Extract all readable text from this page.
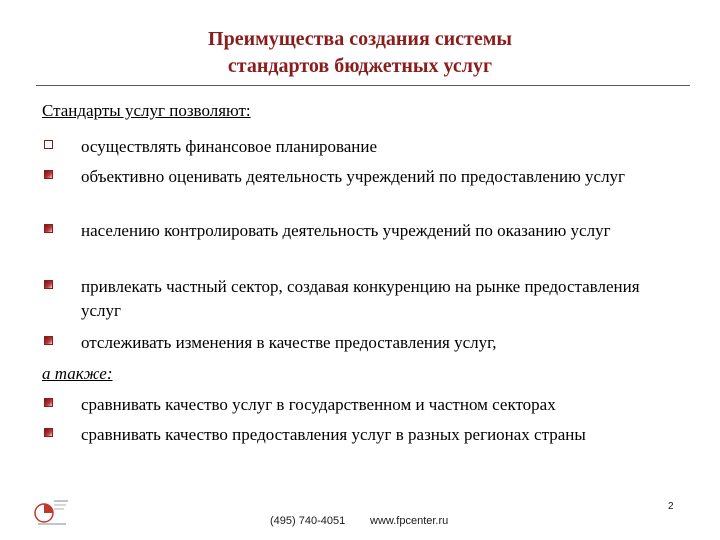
Преимущества создания системы
стандартов бюджетных услуг
Стандарты услуг позволяют:
осуществлять финансовое планирование
объективно оценивать деятельность учреждений по предоставлению услуг
населению контролировать деятельность учреждений по оказанию услуг
привлекать частный сектор, создавая конкуренцию на рынке предоставления услуг
отслеживать изменения в качестве предоставления услуг,
а также:
сравнивать качество услуг в государственном и частном секторах
сравнивать качество предоставления услуг в разных регионах страны
(495) 740-4051 www.fpcenter.ru
2
